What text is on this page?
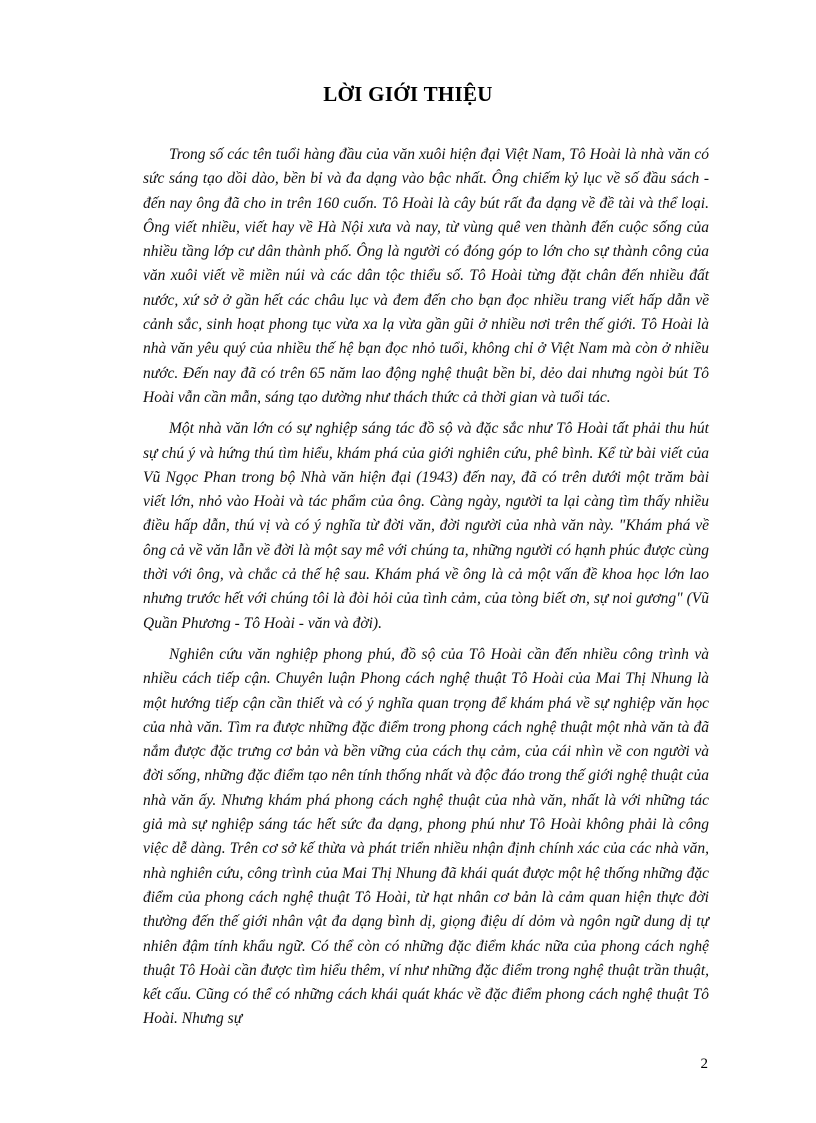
LỜI GIỚI THIỆU

Trong số các tên tuổi hàng đầu của văn xuôi hiện đại Việt Nam, Tô Hoài là nhà văn có sức sáng tạo dồi dào, bền bỉ và đa dạng vào bậc nhất. Ông chiếm kỷ lục về số đầu sách - đến nay ông đã cho in trên 160 cuốn. Tô Hoài là cây bút rất đa dạng về đề tài và thể loại. Ông viết nhiều, viết hay về Hà Nội xưa và nay, từ vùng quê ven thành đến cuộc sống của nhiều tầng lớp cư dân thành phố. Ông là người có đóng góp to lớn cho sự thành công của văn xuôi viết về miền núi và các dân tộc thiểu số. Tô Hoài từng đặt chân đến nhiều đất nước, xứ sở ở gần hết các châu lục và đem đến cho bạn đọc nhiều trang viết hấp dẫn về cảnh sắc, sinh hoạt phong tục vừa xa lạ vừa gần gũi ở nhiều nơi trên thế giới. Tô Hoài là nhà văn yêu quý của nhiều thế hệ bạn đọc nhỏ tuổi, không chỉ ở Việt Nam mà còn ở nhiều nước. Đến nay đã có trên 65 năm lao động nghệ thuật bền bỉ, dẻo dai nhưng ngòi bút Tô Hoài vẫn cần mẫn, sáng tạo dường như thách thức cả thời gian và tuổi tác.

Một nhà văn lớn có sự nghiệp sáng tác đồ sộ và đặc sắc như Tô Hoài tất phải thu hút sự chú ý và hứng thú tìm hiểu, khám phá của giới nghiên cứu, phê bình. Kể từ bài viết của Vũ Ngọc Phan trong bộ Nhà văn hiện đại (1943) đến nay, đã có trên dưới một trăm bài viết lớn, nhỏ vào Hoài và tác phẩm của ông. Càng ngày, người ta lại càng tìm thấy nhiều điều hấp dẫn, thú vị và có ý nghĩa từ đời văn, đời người của nhà văn này. "Khám phá về ông cả về văn lẫn về đời là một say mê với chúng ta, những người có hạnh phúc được cùng thời với ông, và chắc cả thế hệ sau. Khám phá về ông là cả một vấn đề khoa học lớn lao nhưng trước hết với chúng tôi là đòi hỏi của tình cảm, của tòng biết ơn, sự noi gương" (Vũ Quần Phương - Tô Hoài - văn và đời).

Nghiên cứu văn nghiệp phong phú, đồ sộ của Tô Hoài cần đến nhiều công trình và nhiều cách tiếp cận. Chuyên luận Phong cách nghệ thuật Tô Hoài của Mai Thị Nhung là một hướng tiếp cận cần thiết và có ý nghĩa quan trọng để khám phá về sự nghiệp văn học của nhà văn. Tìm ra được những đặc điểm trong phong cách nghệ thuật một nhà văn tà đã nắm được đặc trưng cơ bản và bền vững của cách thụ cảm, của cái nhìn về con người và đời sống, những đặc điểm tạo nên tính thống nhất và độc đáo trong thế giới nghệ thuật của nhà văn ấy. Nhưng khám phá phong cách nghệ thuật của nhà văn, nhất là với những tác giả mà sự nghiệp sáng tác hết sức đa dạng, phong phú như Tô Hoài không phải là công việc dễ dàng. Trên cơ sở kế thừa và phát triển nhiều nhận định chính xác của các nhà văn, nhà nghiên cứu, công trình của Mai Thị Nhung đã khái quát được một hệ thống những đặc điểm của phong cách nghệ thuật Tô Hoài, từ hạt nhân cơ bản là cảm quan hiện thực đời thường đến thế giới nhân vật đa dạng bình dị, giọng điệu dí dỏm và ngôn ngữ dung dị tự nhiên đậm tính khẩu ngữ. Có thể còn có những đặc điểm khác nữa của phong cách nghệ thuật Tô Hoài cần được tìm hiểu thêm, ví như những đặc điểm trong nghệ thuật trần thuật, kết cấu. Cũng có thể có những cách khái quát khác về đặc điểm phong cách nghệ thuật Tô Hoài. Nhưng sự

2
